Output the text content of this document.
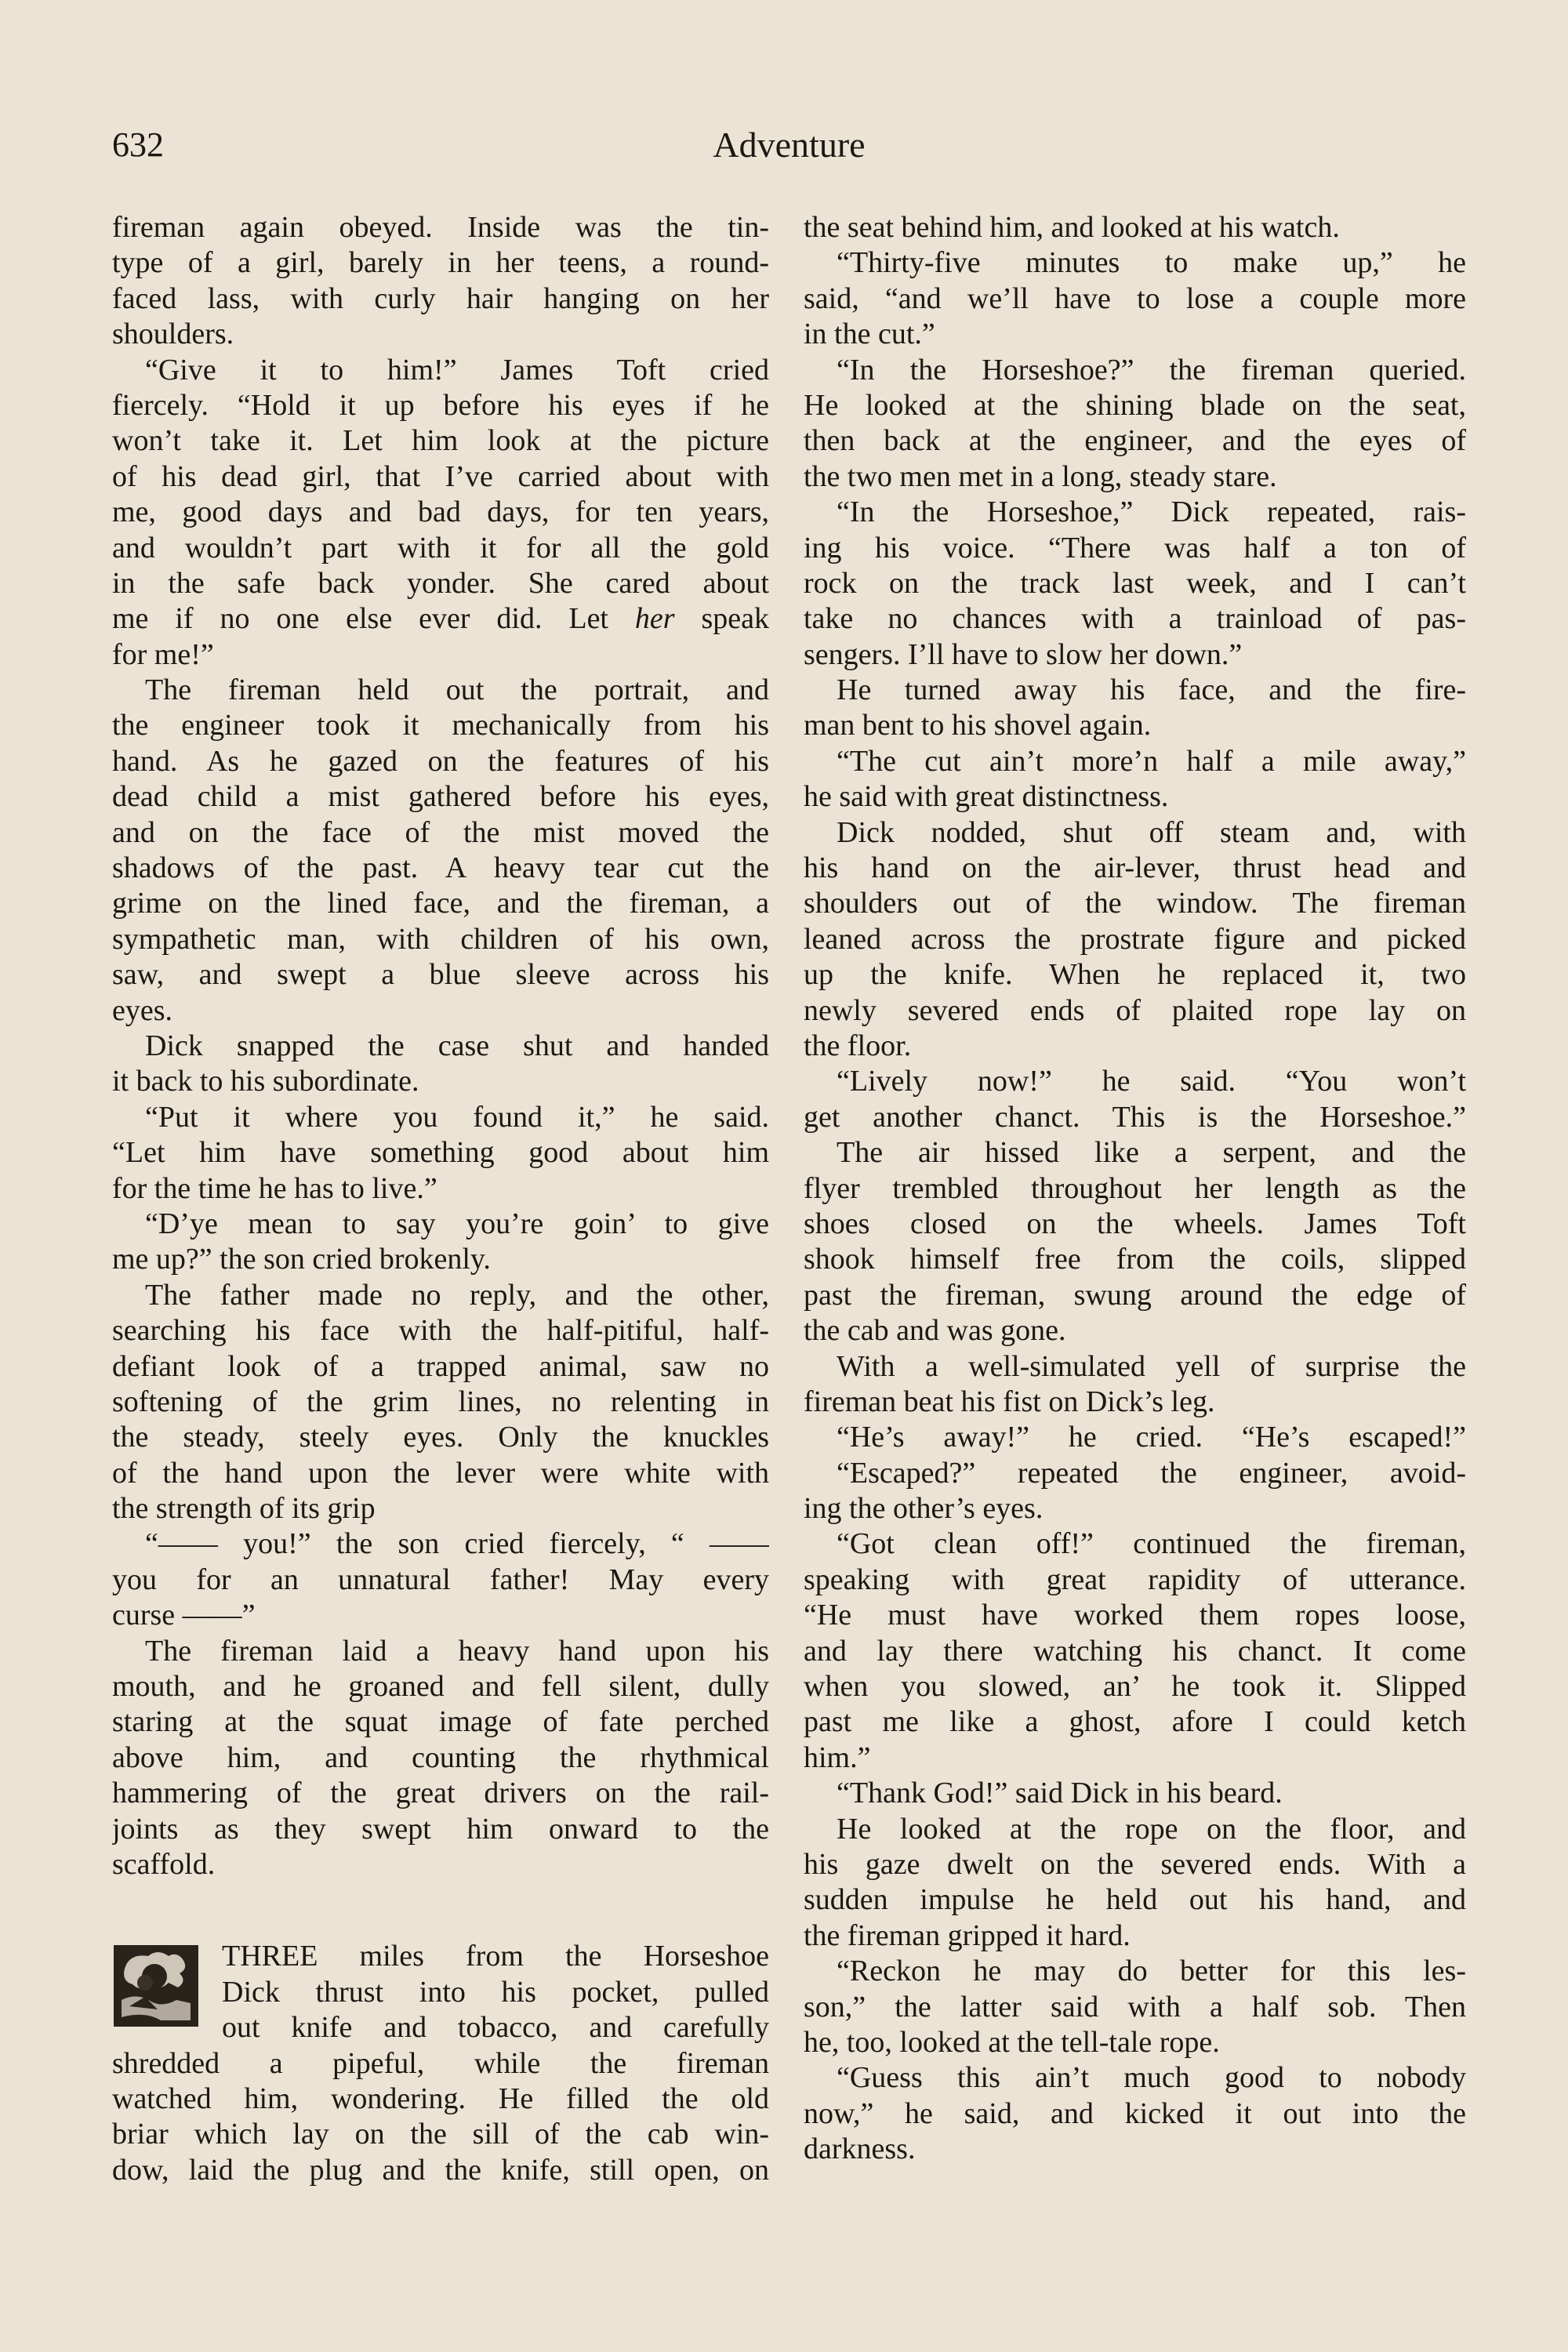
632	Adventure
fireman again obeyed. Inside was the tin-
type of a girl, barely in her teens, a round-
faced lass, with curly hair hanging on her
shoulders.
“Give it to him!” James Toft cried
fiercely. “Hold it up before his eyes if he
won’t take it. Let him look at the picture
of his dead girl, that I’ve carried about with
me, good days and bad days, for ten years,
and wouldn’t part with it for all the gold
in the safe back yonder. She cared about
me if no one else ever did. Let her speak
for me!”
The fireman held out the portrait, and
the engineer took it mechanically from his
hand. As he gazed on the features of his
dead child a mist gathered before his eyes,
and on the face of the mist moved the
shadows of the past. A heavy tear cut the
grime on the lined face, and the fireman, a
sympathetic man, with children of his own,
saw, and swept a blue sleeve across his
eyes.
Dick snapped the case shut and handed
it back to his subordinate.
“Put it where you found it,” he said.
“Let him have something good about him
for the time he has to live.”
“D’ye mean to say you’re goin’ to give
me up?” the son cried brokenly.
The father made no reply, and the other,
searching his face with the half-pitiful, half-
defiant look of a trapped animal, saw no
softening of the grim lines, no relenting in
the steady, steely eyes. Only the knuckles
of the hand upon the lever were white with
the strength of its grip
“—— you!” the son cried fiercely, “ ——
you for an unnatural father! May every
curse ——”
The fireman laid a heavy hand upon his
mouth, and he groaned and fell silent, dully
staring at the squat image of fate perched
above him, and counting the rhythmical
hammering of the great drivers on the rail-
joints as they swept him onward to the
scaffold.
THREE miles from the Horseshoe
Dick thrust into his pocket, pulled
out knife and tobacco, and carefully
shredded a pipeful, while the fireman
watched him, wondering. He filled the old
briar which lay on the sill of the cab win-
dow, laid the plug and the knife, still open, on
the seat behind him, and looked at his watch.
“Thirty-five minutes to make up,” he
said, “and we’ll have to lose a couple more
in the cut.”
“In the Horseshoe?” the fireman queried.
He looked at the shining blade on the seat,
then back at the engineer, and the eyes of
the two men met in a long, steady stare.
“In the Horseshoe,” Dick repeated, rais-
ing his voice. “There was half a ton of
rock on the track last week, and I can’t
take no chances with a trainload of pas-
sengers. I’ll have to slow her down.”
He turned away his face, and the fire-
man bent to his shovel again.
“The cut ain’t more’n half a mile away,”
he said with great distinctness.
Dick nodded, shut off steam and, with
his hand on the air-lever, thrust head and
shoulders out of the window. The fireman
leaned across the prostrate figure and picked
up the knife. When he replaced it, two
newly severed ends of plaited rope lay on
the floor.
“Lively now!” he said. “You won’t
get another chanct. This is the Horseshoe.”
The air hissed like a serpent, and the
flyer trembled throughout her length as the
shoes closed on the wheels. James Toft
shook himself free from the coils, slipped
past the fireman, swung around the edge of
the cab and was gone.
With a well-simulated yell of surprise the
fireman beat his fist on Dick’s leg.
“He’s away!” he cried. “He’s escaped!”
“Escaped?” repeated the engineer, avoid-
ing the other’s eyes.
“Got clean off!” continued the fireman,
speaking with great rapidity of utterance.
“He must have worked them ropes loose,
and lay there watching his chanct. It come
when you slowed, an’ he took it. Slipped
past me like a ghost, afore I could ketch
him.”
“Thank God!” said Dick in his beard.
He looked at the rope on the floor, and
his gaze dwelt on the severed ends. With a
sudden impulse he held out his hand, and
the fireman gripped it hard.
“Reckon he may do better for this les-
son,” the latter said with a half sob. Then
he, too, looked at the tell-tale rope.
“Guess this ain’t much good to nobody
now,” he said, and kicked it out into the
darkness.
